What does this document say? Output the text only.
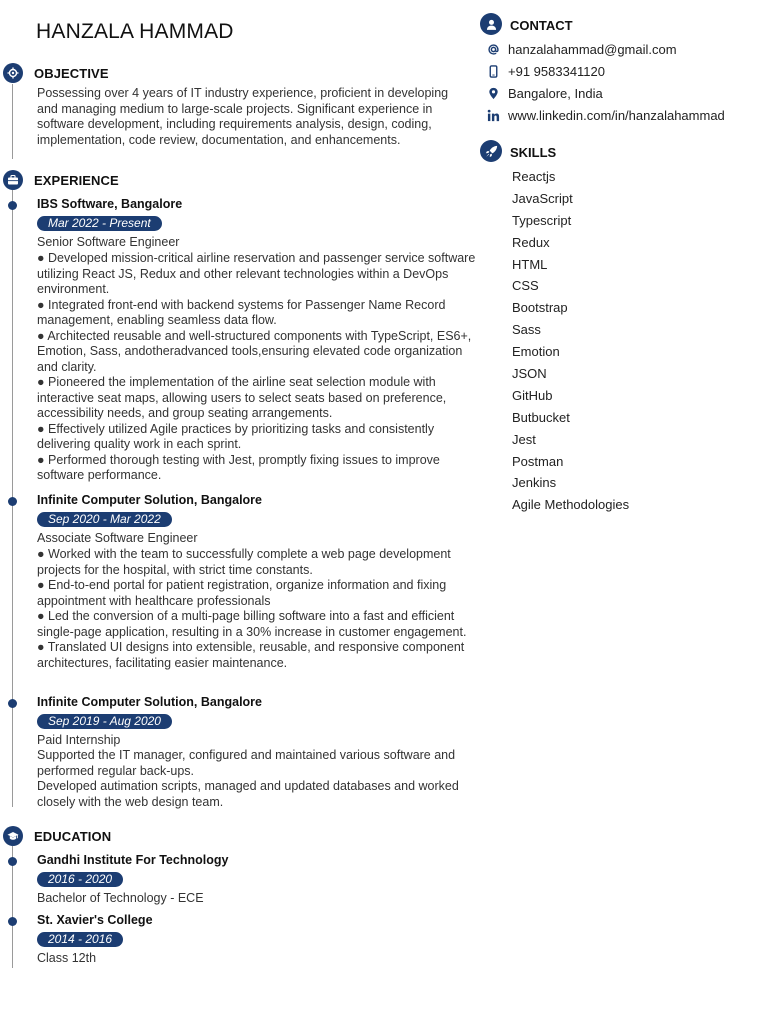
HANZALA HAMMAD
OBJECTIVE
Possessing over 4 years of IT industry experience, proficient in developing and managing medium to large-scale projects. Significant experience in software development, including requirements analysis, design, coding, implementation, code review, documentation, and enhancements.
EXPERIENCE
IBS Software, Bangalore
Mar 2022 - Present
Senior Software Engineer

● Developed mission-critical airline reservation and passenger service software utilizing React JS, Redux and other relevant technologies within a DevOps environment.

● Integrated front-end with backend systems for Passenger Name Record management, enabling seamless data flow.

● Architected reusable and well-structured components with TypeScript, ES6+, Emotion, Sass, andotheradvanced tools,ensuring elevated code organization and clarity.

● Pioneered the implementation of the airline seat selection module with interactive seat maps, allowing users to select seats based on preference, accessibility needs, and group seating arrangements.

● Effectively utilized Agile practices by prioritizing tasks and consistently delivering quality work in each sprint.

● Performed thorough testing with Jest, promptly fixing issues to improve software performance.

Infinite Computer Solution, Bangalore
Sep 2020 - Mar 2022
Associate Software Engineer

● Worked with the team to successfully complete a web page development projects for the hospital, with strict time constants.

● End-to-end portal for patient registration, organize information and fixing appointment with healthcare professionals

● Led the conversion of a multi-page billing software into a fast and efficient single-page application, resulting in a 30% increase in customer engagement.

● Translated UI designs into extensible, reusable, and responsive component architectures, facilitating easier maintenance.

Infinite Computer Solution, Bangalore
Sep 2019 - Aug 2020
Paid Internship

Supported the IT manager, configured and maintained various software and performed regular back-ups.

Developed autimation scripts, managed and updated databases and worked closely with the web design team.

EDUCATION
Gandhi Institute For Technology
2016 - 2020
Bachelor of Technology - ECE
St. Xavier's College
2014 - 2016
Class 12th
CONTACT
hanzalahammad@gmail.com
+91 9583341120
Bangalore, India
www.linkedin.com/in/hanzalahammad
SKILLS
Reactjs
JavaScript
Typescript
Redux
HTML
CSS
Bootstrap
Sass
Emotion
JSON
GitHub
Butbucket
Jest
Postman
Jenkins
Agile Methodologies
